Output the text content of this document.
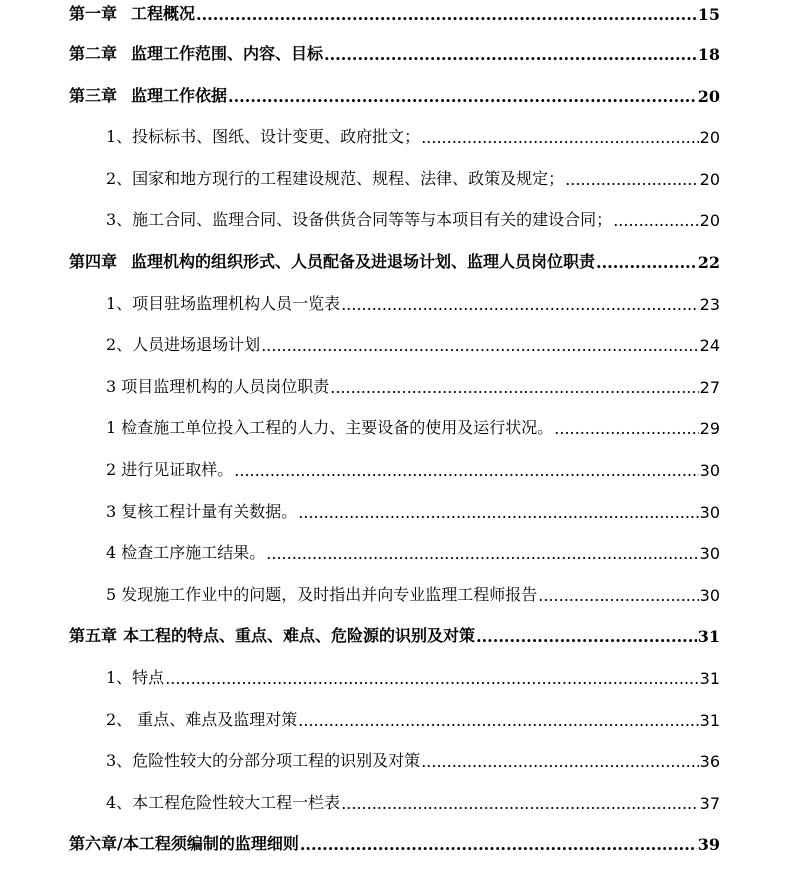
第一章 工程概况 .....	15
第二章 监理工作范围、内容、目标 .....	18
第三章 监理工作依据 .....	20
1、投标标书、图纸、设计变更、政府批文； .....	20
2、国家和地方现行的工程建设规范、规程、法律、政策及规定； .....	20
3、施工合同、监理合同、设备供货合同等等与本项目有关的建设合同； .....	20
第四章 监理机构的组织形式、人员配备及进退场计划、监理人员岗位职责 .....	22
1、项目驻场监理机构人员一览表 .....	23
2、人员进场退场计划 .....	24
3 项目监理机构的人员岗位职责 .....	27
1 检查施工单位投入工程的人力、主要设备的使用及运行状况。 .....	29
2 进行见证取样。 .....	30
3 复核工程计量有关数据。 .....	30
4 检查工序施工结果。 .....	30
5 发现施工作业中的问题，及时指出并向专业监理工程师报告 .....	30
第五章 本工程的特点、重点、难点、危险源的识别及对策 .....	31
1、特点 .....	31
2、 重点、难点及监理对策 .....	31
3、危险性较大的分部分项工程的识别及对策 .....	36
4、本工程危险性较大工程一栏表 .....	37
第六章/本工程须编制的监理细则 .....	39
